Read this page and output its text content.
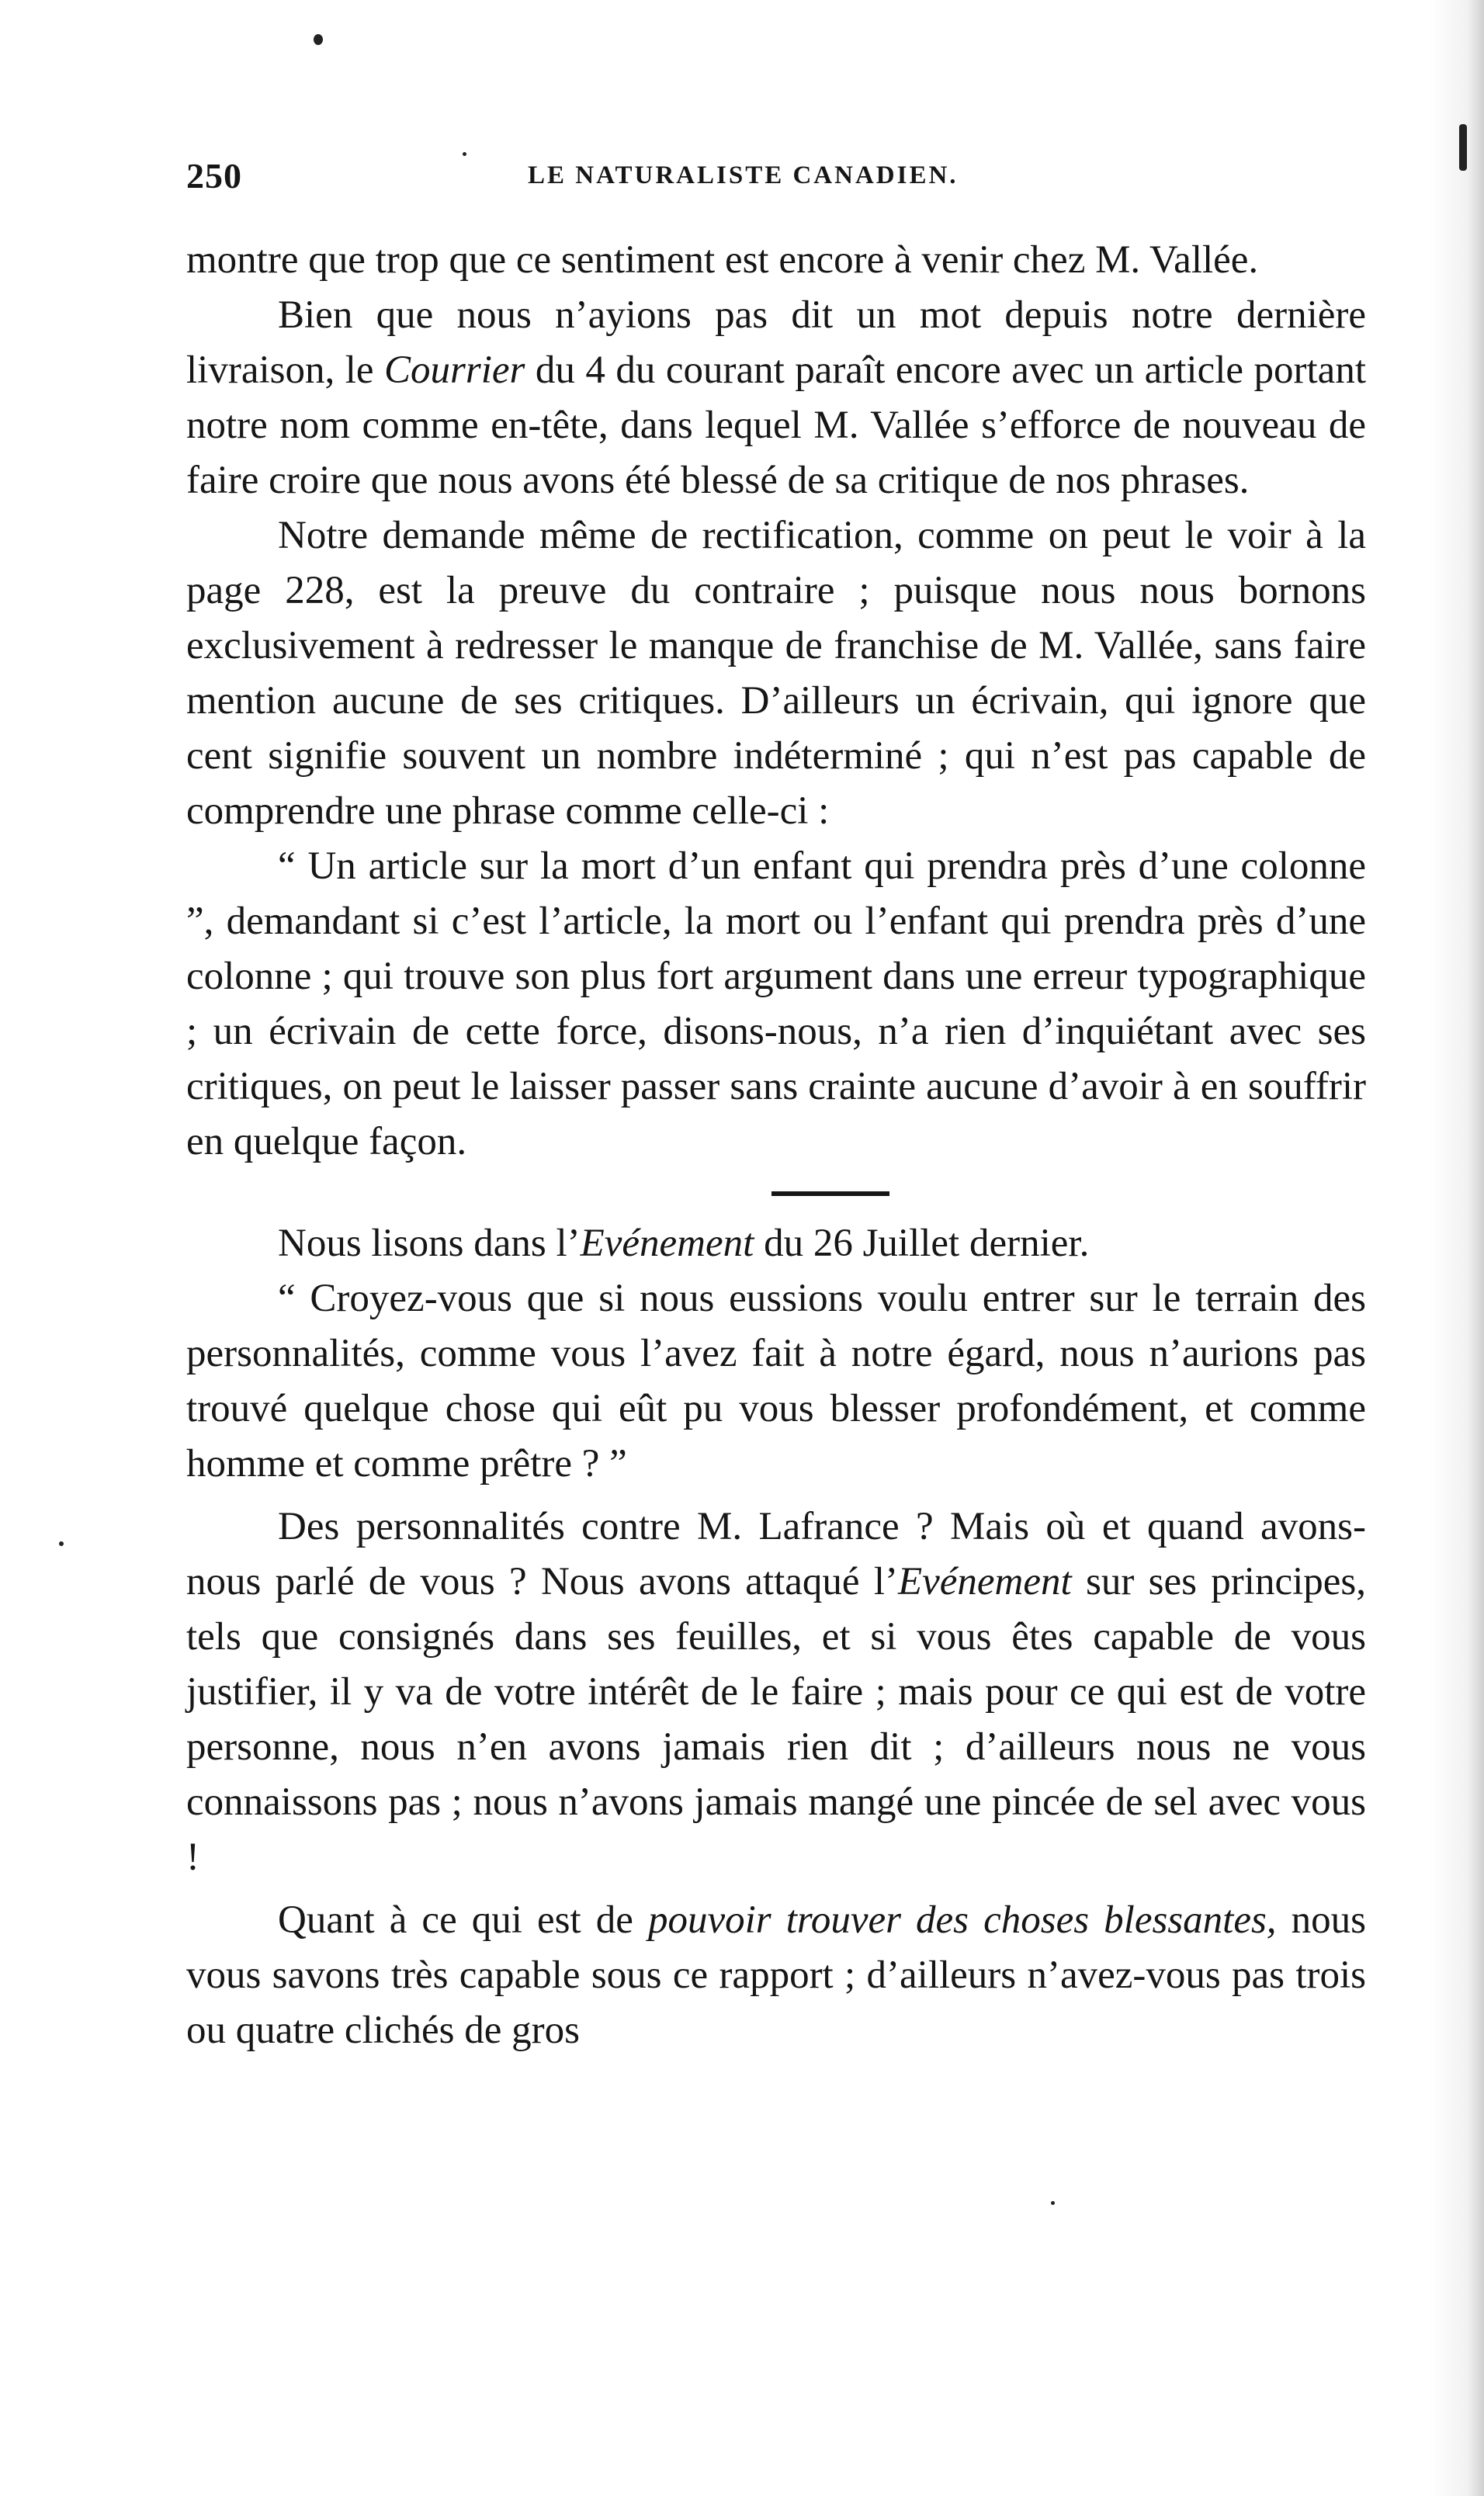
250	LE NATURALISTE CANADIEN.

montre que trop que ce sentiment est encore à venir chez M. Vallée.

Bien que nous n’ayions pas dit un mot depuis notre dernière livraison, le Courrier du 4 du courant paraît encore avec un article portant notre nom comme en-tête, dans lequel M. Vallée s’efforce de nouveau de faire croire que nous avons été blessé de sa critique de nos phrases.

Notre demande même de rectification, comme on peut le voir à la page 228, est la preuve du contraire ; puisque nous nous bornons exclusivement à redresser le manque de franchise de M. Vallée, sans faire mention aucune de ses critiques. D’ailleurs un écrivain, qui ignore que cent signifie souvent un nombre indéterminé ; qui n’est pas capable de comprendre une phrase comme celle-ci :

“ Un article sur la mort d’un enfant qui prendra près d’une colonne ”, demandant si c’est l’article, la mort ou l’enfant qui prendra près d’une colonne ; qui trouve son plus fort argument dans une erreur typographique ; un écrivain de cette force, disons-nous, n’a rien d’inquiétant avec ses critiques, on peut le laisser passer sans crainte aucune d’avoir à en souffrir en quelque façon.

Nous lisons dans l’Evénement du 26 Juillet dernier.

“ Croyez-vous que si nous eussions voulu entrer sur le terrain des personnalités, comme vous l’avez fait à notre égard, nous n’aurions pas trouvé quelque chose qui eût pu vous blesser profondément, et comme homme et comme prêtre ? ”

Des personnalités contre M. Lafrance ? Mais où et quand avons-nous parlé de vous ? Nous avons attaqué l’Evénement sur ses principes, tels que consignés dans ses feuilles, et si vous êtes capable de vous justifier, il y va de votre intérêt de le faire ; mais pour ce qui est de votre personne, nous n’en avons jamais rien dit ; d’ailleurs nous ne vous connaissons pas ; nous n’avons jamais mangé une pincée de sel avec vous !

Quant à ce qui est de pouvoir trouver des choses blessantes, nous vous savons très capable sous ce rapport ; d’ailleurs n’avez-vous pas trois ou quatre clichés de gros
